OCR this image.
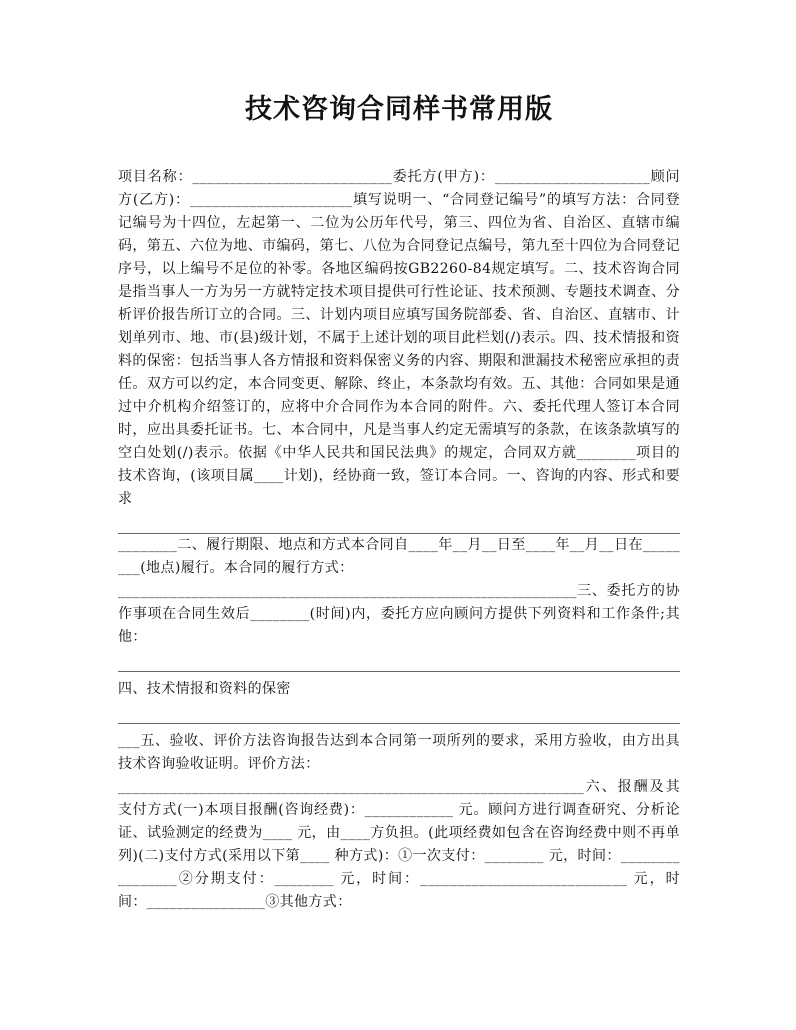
技术咨询合同样书常用版

项目名称：___________________________委托方(甲方)：_____________________顾问方(乙方)：______________________填写说明一、“合同登记编号”的填写方法：合同登记编号为十四位，左起第一、二位为公历年代号，第三、四位为省、自治区、直辖市编码，第五、六位为地、市编码，第七、八位为合同登记点编号，第九至十四位为合同登记序号，以上编号不足位的补零。各地区编码按GB2260-84规定填写。二、技术咨询合同是指当事人一方为另一方就特定技术项目提供可行性论证、技术预测、专题技术调查、分析评价报告所订立的合同。三、计划内项目应填写国务院部委、省、自治区、直辖市、计划单列市、地、市(县)级计划，不属于上述计划的项目此栏划(/)表示。四、技术情报和资料的保密：包括当事人各方情报和资料保密义务的内容、期限和泄漏技术秘密应承担的责任。双方可以约定，本合同变更、解除、终止，本条款均有效。五、其他：合同如果是通过中介机构介绍签订的，应将中介合同作为本合同的附件。六、委托代理人签订本合同时，应出具委托证书。七、本合同中，凡是当事人约定无需填写的条款，在该条款填写的空白处划(/)表示。依据《中华人民共和国民法典》的规定，合同双方就________项目的技术咨询，(该项目属____计划)，经协商一致，签订本合同。一、咨询的内容、形式和要求

________二、履行期限、地点和方式本合同自____年__月__日至____年__月__日在________(地点)履行。本合同的履行方式：

______________________________________________________________三、委托方的协作事项在合同生效后________(时间)内，委托方应向顾问方提供下列资料和工作条件;其他：

四、技术情报和资料的保密

___五、验收、评价方法咨询报告达到本合同第一项所列的要求，采用方验收，由方出具技术咨询验收证明。评价方法：

_______________________________________________________________六、报酬及其支付方式(一)本项目报酬(咨询经费)：____________ 元。顾问方进行调查研究、分析论证、试验测定的经费为____ 元，由____方负担。(此项经费如包含在咨询经费中则不再单列)(二)支付方式(采用以下第____ 种方式)：①一次支付：________ 元，时间：________________②分期支付：________ 元，时间：____________________________ 元，时间：________________③其他方式：
